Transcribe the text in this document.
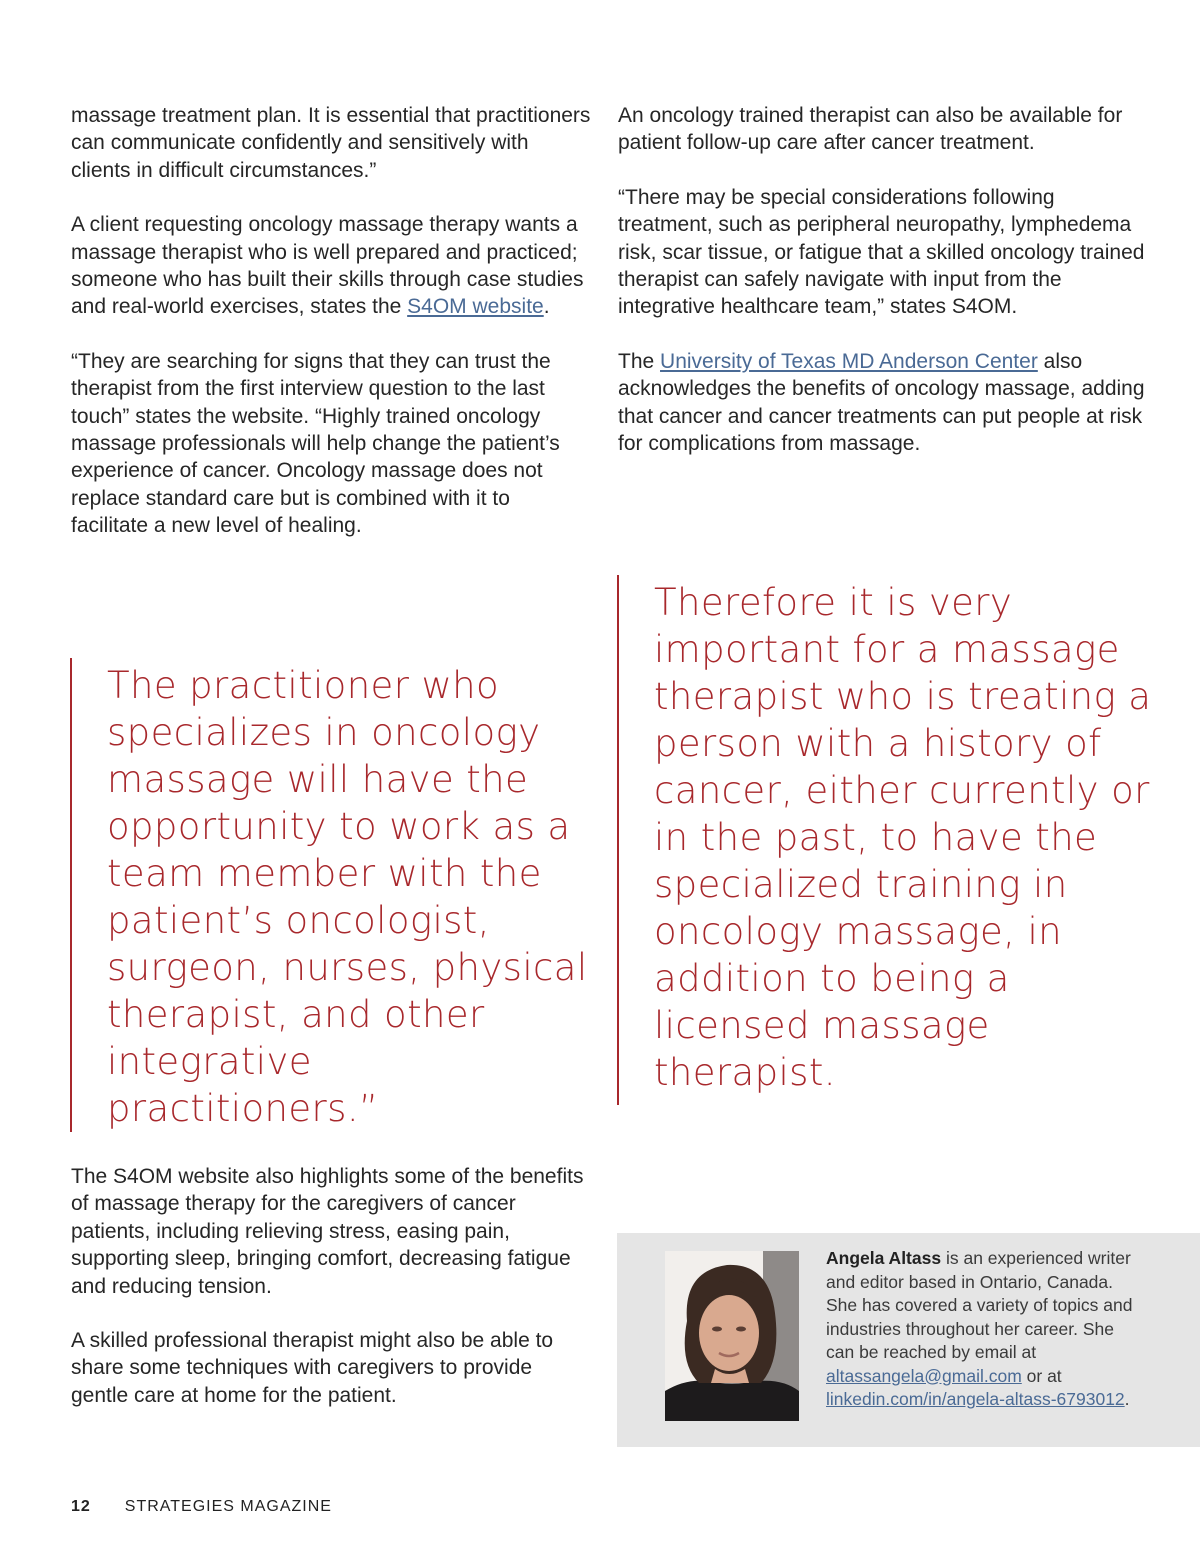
massage treatment plan. It is essential that practitioners can communicate confidently and sensitively with clients in difficult circumstances.”

A client requesting oncology massage therapy wants a massage therapist who is well prepared and practiced; someone who has built their skills through case studies and real-world exercises, states the S4OM website.

“They are searching for signs that they can trust the therapist from the first interview question to the last touch” states the website. “Highly trained oncology massage professionals will help change the patient’s experience of cancer. Oncology massage does not replace standard care but is combined with it to facilitate a new level of healing.

The practitioner who specializes in oncology massage will have the opportunity to work as a team member with the patient’s oncologist, surgeon, nurses, physical therapist, and other integrative practitioners.”

The S4OM website also highlights some of the benefits of massage therapy for the caregivers of cancer patients, including relieving stress, easing pain, supporting sleep, bringing comfort, decreasing fatigue and reducing tension.

A skilled professional therapist might also be able to share some techniques with caregivers to provide gentle care at home for the patient.

An oncology trained therapist can also be available for patient follow-up care after cancer treatment.

“There may be special considerations following treatment, such as peripheral neuropathy, lymphedema risk, scar tissue, or fatigue that a skilled oncology trained therapist can safely navigate with input from the integrative healthcare team,” states S4OM.

The University of Texas MD Anderson Center also acknowledges the benefits of oncology massage, adding that cancer and cancer treatments can put people at risk for complications from massage.

Therefore it is very important for a massage therapist who is treating a person with a history of cancer, either currently or in the past, to have the specialized training in oncology massage, in addition to being a licensed massage therapist.

Angela Altass is an experienced writer and editor based in Ontario, Canada. She has covered a variety of topics and industries throughout her career. She can be reached by email at altassangela@gmail.com or at linkedin.com/in/angela-altass-6793012.
12 STRATEGIES MAGAZINE
